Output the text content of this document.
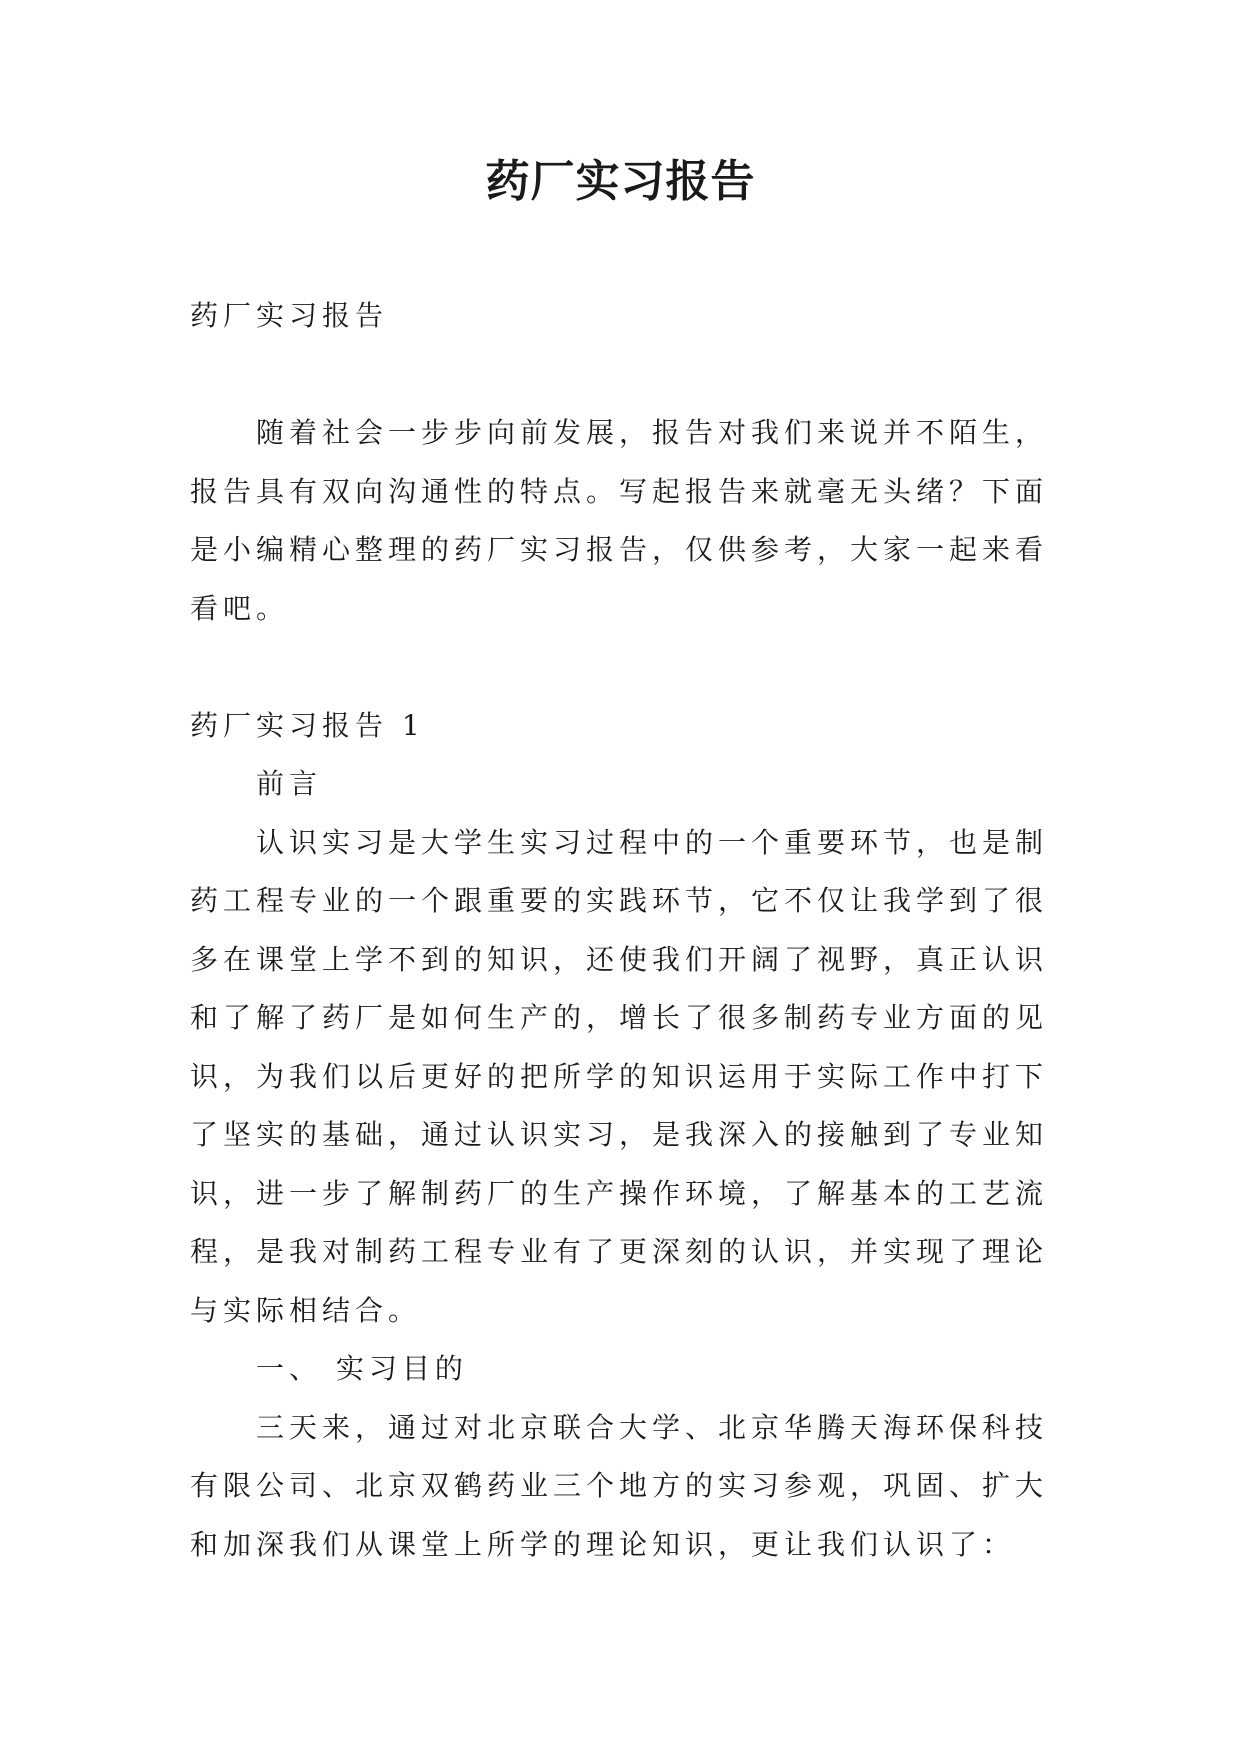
药厂实习报告
药厂实习报告
随着社会一步步向前发展，报告对我们来说并不陌生，
报告具有双向沟通性的特点。写起报告来就毫无头绪？下面
是小编精心整理的药厂实习报告，仅供参考，大家一起来看
看吧。
药厂实习报告 1
前言
认识实习是大学生实习过程中的一个重要环节，也是制
药工程专业的一个跟重要的实践环节，它不仅让我学到了很
多在课堂上学不到的知识，还使我们开阔了视野，真正认识
和了解了药厂是如何生产的，增长了很多制药专业方面的见
识，为我们以后更好的把所学的知识运用于实际工作中打下
了坚实的基础，通过认识实习，是我深入的接触到了专业知
识，进一步了解制药厂的生产操作环境，了解基本的工艺流
程，是我对制药工程专业有了更深刻的认识，并实现了理论
与实际相结合。
一、 实习目的
三天来，通过对北京联合大学、北京华腾天海环保科技
有限公司、北京双鹤药业三个地方的实习参观，巩固、扩大
和加深我们从课堂上所学的理论知识，更让我们认识了：
